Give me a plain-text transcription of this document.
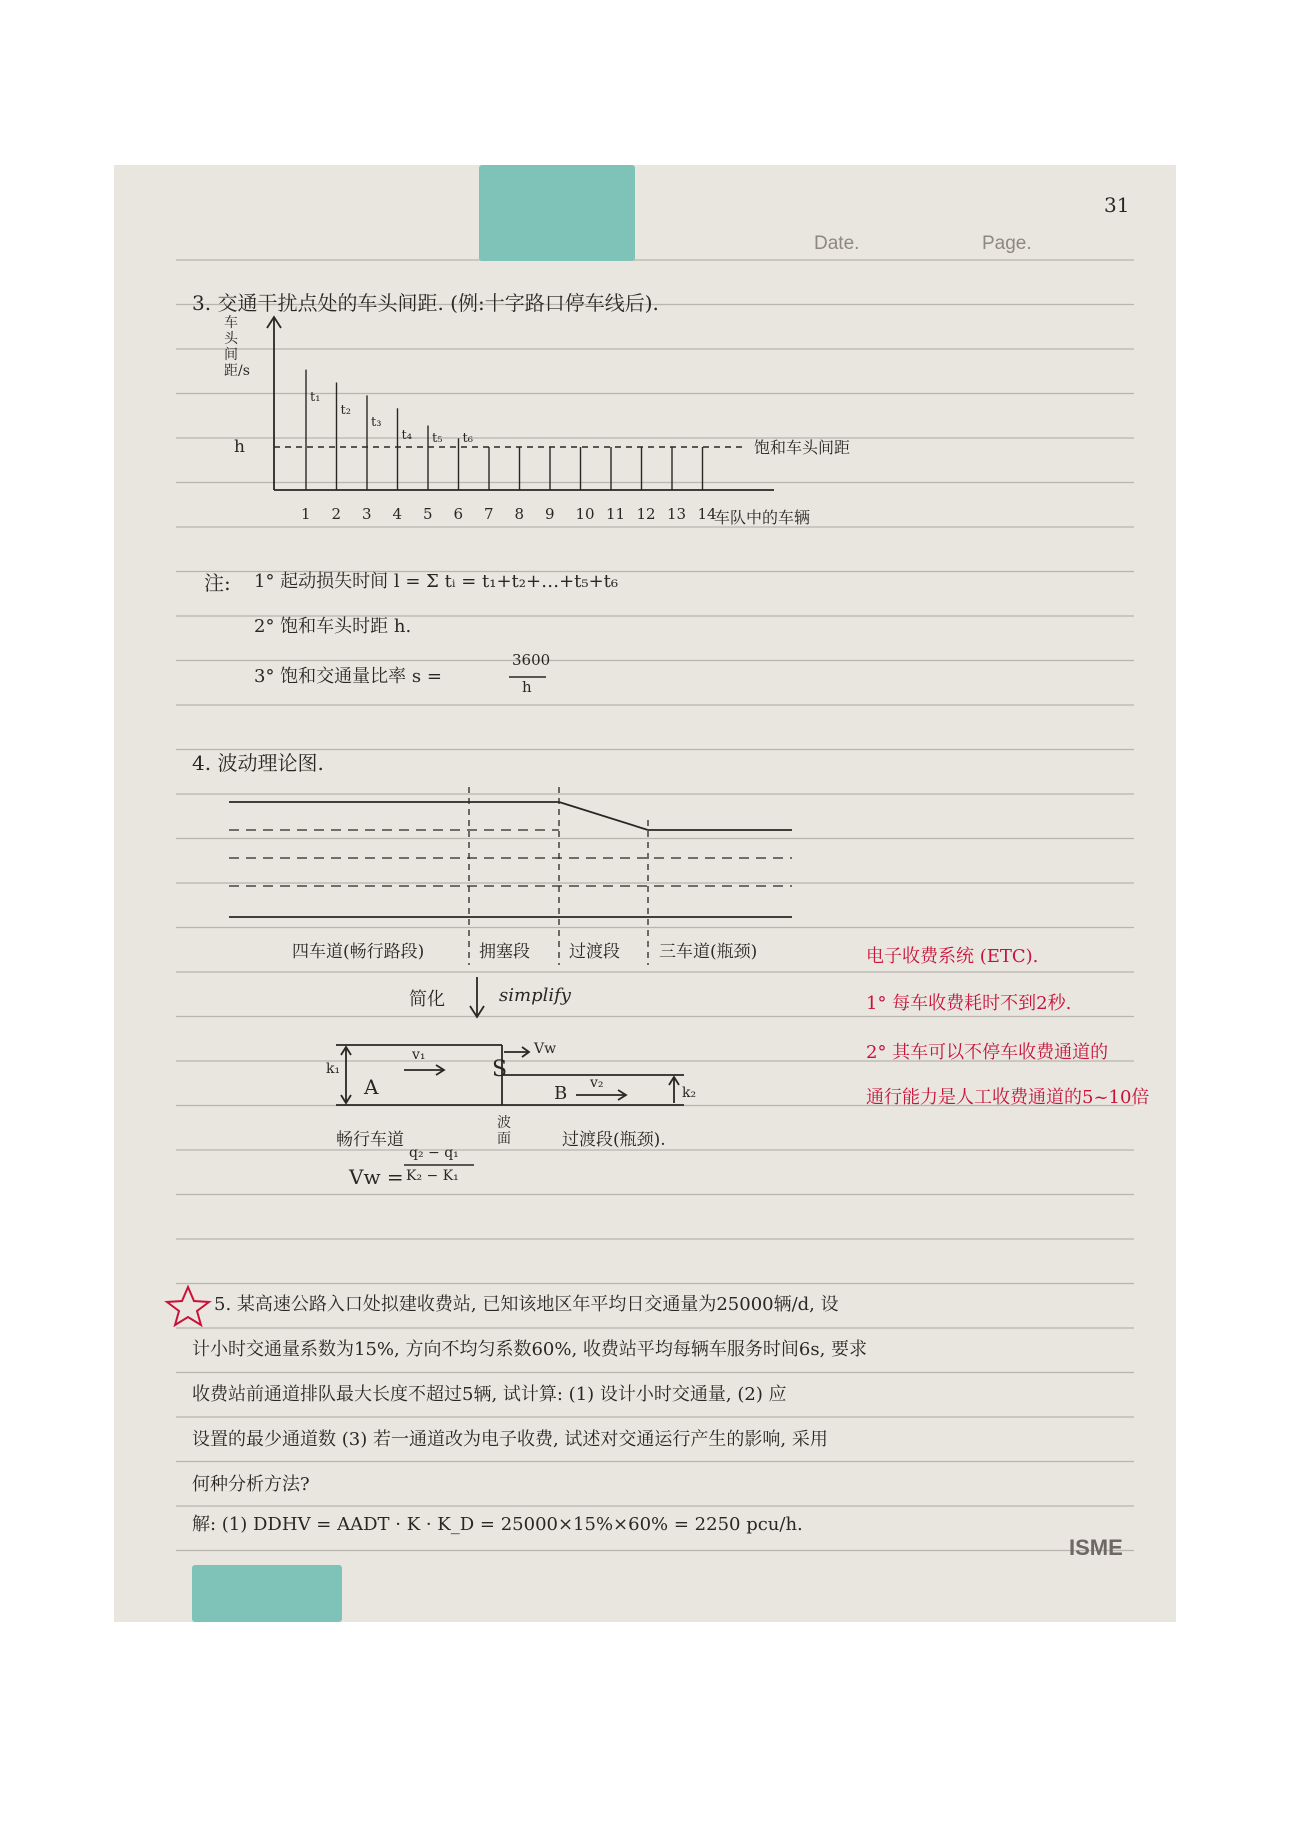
31
Date.	Page.
3. 交通干扰点处的车头间距. (例:十字路口停车线后).
车头间距/s
h
t₁
t₂
t₃
t₄ t₅ t₆	饱和车头间距
1 2 3 4 5 6 7 8 9 10 11 12 13 14
车队中的车辆
注: 1° 起动损失时间 l = Σ tᵢ = t₁+t₂+…+t₅+t₆
2° 饱和车头时距 h.
3° 饱和交通量比率 s =
3600
h
4. 波动理论图.
四车道(畅行路段)	拥塞段 过渡段 三车道(瓶颈)
简化	simplify
k₁
A
v₁
S
Vw
B v₂
k₂
畅行车道
波面	过渡段(瓶颈).
Vw =
q₂ − q₁
K₂ − K₁
电子收费系统 (ETC).
1° 每车收费耗时不到2秒.
2° 其车可以不停车收费通道的
通行能力是人工收费通道的5~10倍
5. 某高速公路入口处拟建收费站, 已知该地区年平均日交通量为25000辆/d, 设
计小时交通量系数为15%, 方向不均匀系数60%, 收费站平均每辆车服务时间6s, 要求
收费站前通道排队最大长度不超过5辆, 试计算: (1) 设计小时交通量, (2) 应
设置的最少通道数 (3) 若一通道改为电子收费, 试述对交通运行产生的影响, 采用
何种分析方法?
解: (1) DDHV = AADT · K · K_D = 25000×15%×60% = 2250 pcu/h.
ISME
